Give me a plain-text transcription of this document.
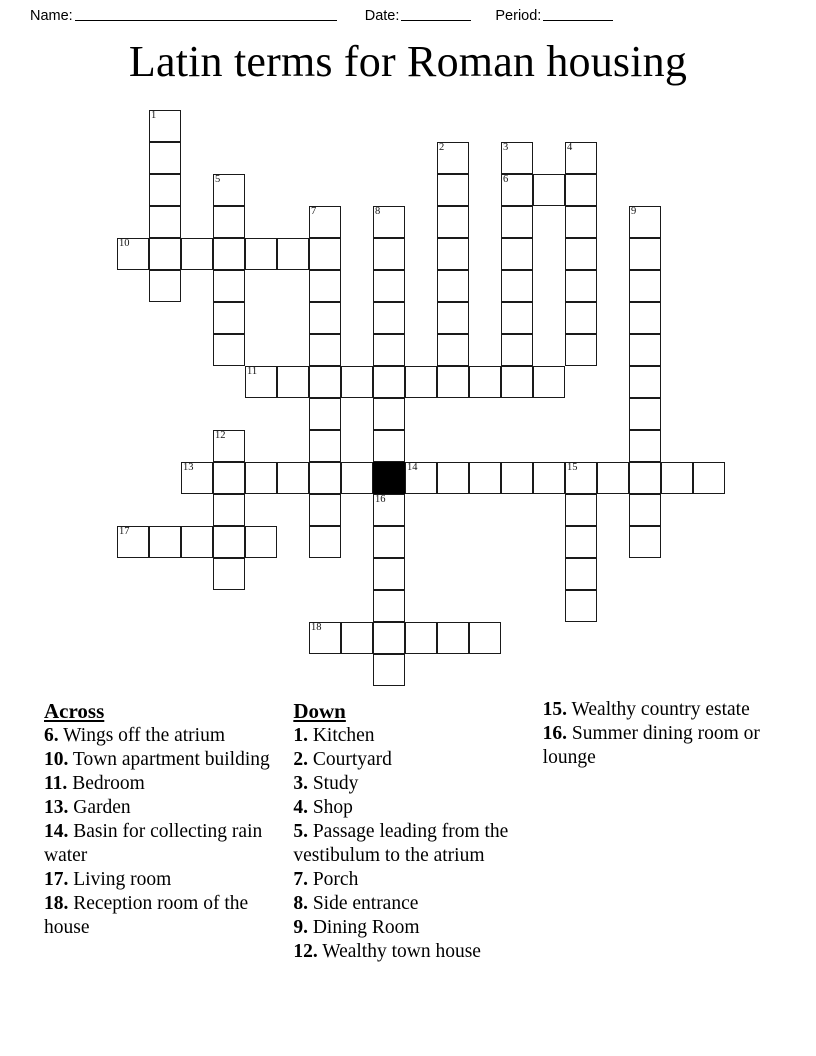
Name:	Date:	Period:
Latin terms for Roman housing
1
2	3
6
4
5
7	8
16
9
10
11
12
13	14	15
17
18
Across

6. Wings off the atrium

10. Town apartment building

11. Bedroom

13. Garden

14. Basin for collecting rain water

17. Living room

18. Reception room of the house

Down

1. Kitchen

2. Courtyard

3. Study

4. Shop

5. Passage leading from the vestibulum to the atrium

7. Porch

8. Side entrance

9. Dining Room

12. Wealthy town house

15. Wealthy country estate

16. Summer dining room or lounge
